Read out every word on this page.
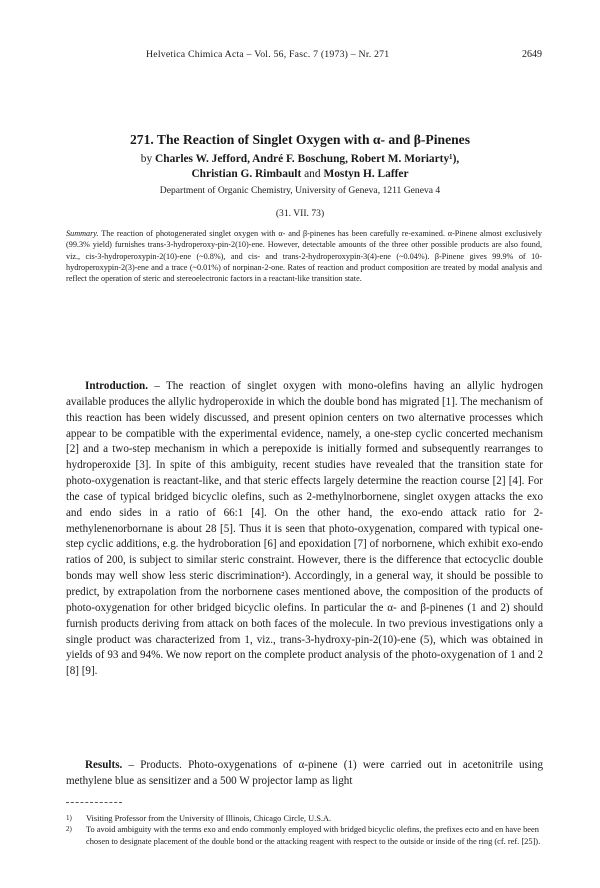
Helvetica Chimica Acta – Vol. 56, Fasc. 7 (1973) – Nr. 271	2649
271. The Reaction of Singlet Oxygen with α- and β-Pinenes
by Charles W. Jefford, André F. Boschung, Robert M. Moriarty¹),
Christian G. Rimbault and Mostyn H. Laffer
Department of Organic Chemistry, University of Geneva, 1211 Geneva 4
(31. VII. 73)

Summary. The reaction of photogenerated singlet oxygen with α- and β-pinenes has been carefully re-examined. α-Pinene almost exclusively (99.3% yield) furnishes trans-3-hydroperoxy-pin-2(10)-ene. However, detectable amounts of the three other possible products are also found, viz., cis-3-hydroperoxypin-2(10)-ene (~0.8%), and cis- and trans-2-hydroperoxypin-3(4)-ene (~0.04%). β-Pinene gives 99.9% of 10-hydroperoxypin-2(3)-ene and a trace (~0.01%) of norpinan-2-one. Rates of reaction and product composition are treated by modal analysis and reflect the operation of steric and stereoelectronic factors in a reactant-like transition state.

Introduction. – The reaction of singlet oxygen with mono-olefins having an allylic hydrogen available produces the allylic hydroperoxide in which the double bond has migrated [1]. The mechanism of this reaction has been widely discussed, and present opinion centers on two alternative processes which appear to be compatible with the experimental evidence, namely, a one-step cyclic concerted mechanism [2] and a two-step mechanism in which a perepoxide is initially formed and subsequently rearranges to hydroperoxide [3]. In spite of this ambiguity, recent studies have revealed that the transition state for photo-oxygenation is reactant-like, and that steric effects largely determine the reaction course [2] [4]. For the case of typical bridged bicyclic olefins, such as 2-methylnorbornene, singlet oxygen attacks the exo and endo sides in a ratio of 66:1 [4]. On the other hand, the exo-endo attack ratio for 2-methylenenorbornane is about 28 [5]. Thus it is seen that photo-oxygenation, compared with typical one-step cyclic additions, e.g. the hydroboration [6] and epoxidation [7] of norbornene, which exhibit exo-endo ratios of 200, is subject to similar steric constraint. However, there is the difference that ectocyclic double bonds may well show less steric discrimination²). Accordingly, in a general way, it should be possible to predict, by extrapolation from the norbornene cases mentioned above, the composition of the products of photo-oxygenation for other bridged bicyclic olefins. In particular the α- and β-pinenes (1 and 2) should furnish products deriving from attack on both faces of the molecule. In two previous investigations only a single product was characterized from 1, viz., trans-3-hydroxy-pin-2(10)-ene (5), which was obtained in yields of 93 and 94%. We now report on the complete product analysis of the photo-oxygenation of 1 and 2 [8] [9].

Results. – Products. Photo-oxygenations of α-pinene (1) were carried out in acetonitrile using methylene blue as sensitizer and a 500 W projector lamp as light

1) Visiting Professor from the University of Illinois, Chicago Circle, U.S.A.
2) To avoid ambiguity with the terms exo and endo commonly employed with bridged bicyclic olefins, the prefixes ecto and en have been chosen to designate placement of the double bond or the attacking reagent with respect to the outside or inside of the ring (cf. ref. [25]).
